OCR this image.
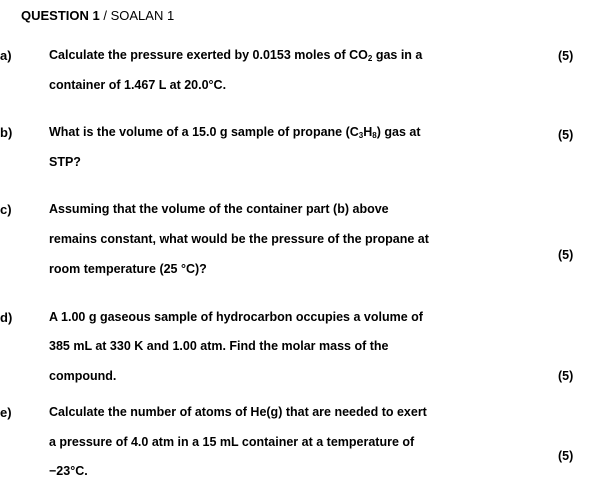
QUESTION 1 / SOALAN 1
a)	Calculate the pressure exerted by 0.0153 moles of $CO_2$ gas in a
container of 1.467 L at 20.0°C.
(5)
b)	What is the volume of a 15.0 g sample of propane $(C_3H_8)$ gas at
STP?
(5)
c)	Assuming that the volume of the container part (b) above
remains constant, what would be the pressure of the propane at
room temperature (25 °C)?
(5)
d)	A 1.00 g gaseous sample of hydrocarbon occupies a volume of
385 mL at 330 K and 1.00 atm. Find the molar mass of the
compound.	(5)
e)	Calculate the number of atoms of He(g) that are needed to exert
a pressure of 4.0 atm in a 15 mL container at a temperature of
−23°C.
(5)
